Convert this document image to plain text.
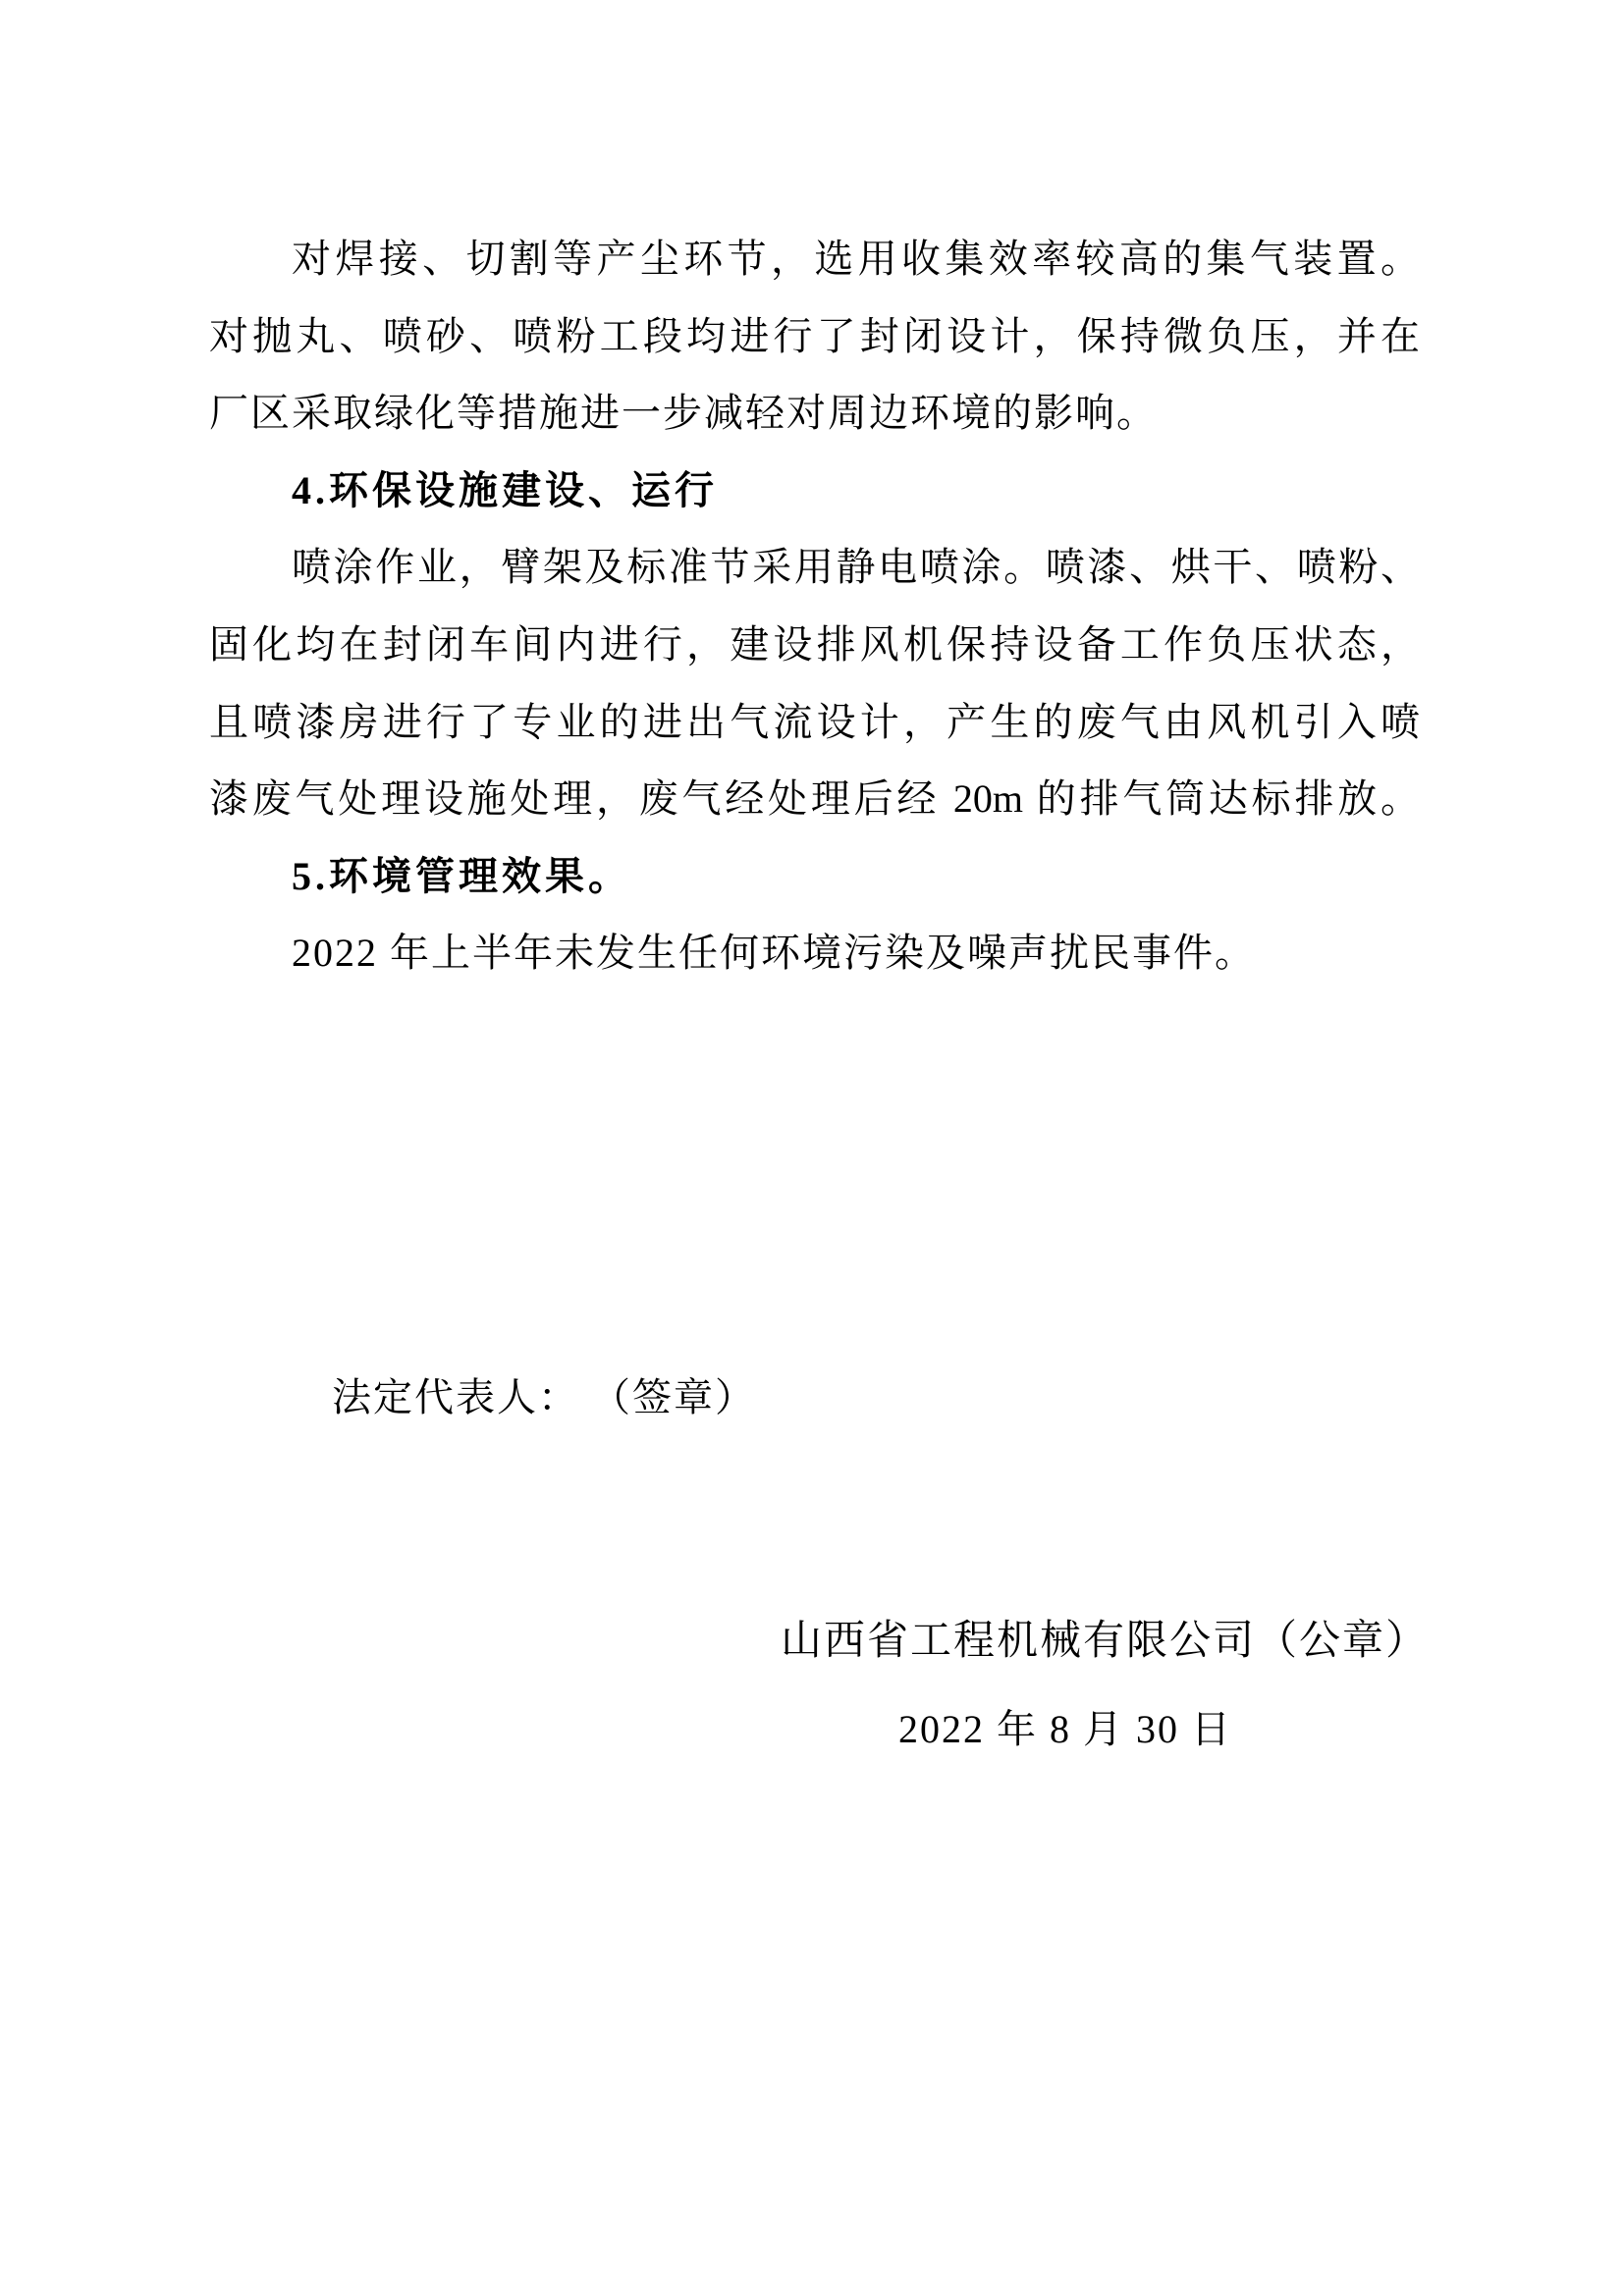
对焊接、切割等产尘环节，选用收集效率较高的集气装置。
对抛丸、喷砂、喷粉工段均进行了封闭设计，保持微负压，并在
厂区采取绿化等措施进一步减轻对周边环境的影响。
4.环保设施建设、运行
喷涂作业，臂架及标准节采用静电喷涂。喷漆、烘干、喷粉、
固化均在封闭车间内进行，建设排风机保持设备工作负压状态，
且喷漆房进行了专业的进出气流设计，产生的废气由风机引入喷
漆废气处理设施处理，废气经处理后经 20m 的排气筒达标排放。
5.环境管理效果。
2022 年上半年未发生任何环境污染及噪声扰民事件。
法定代表人： （签章）
山西省工程机械有限公司（公章）
2022 年 8 月 30 日
